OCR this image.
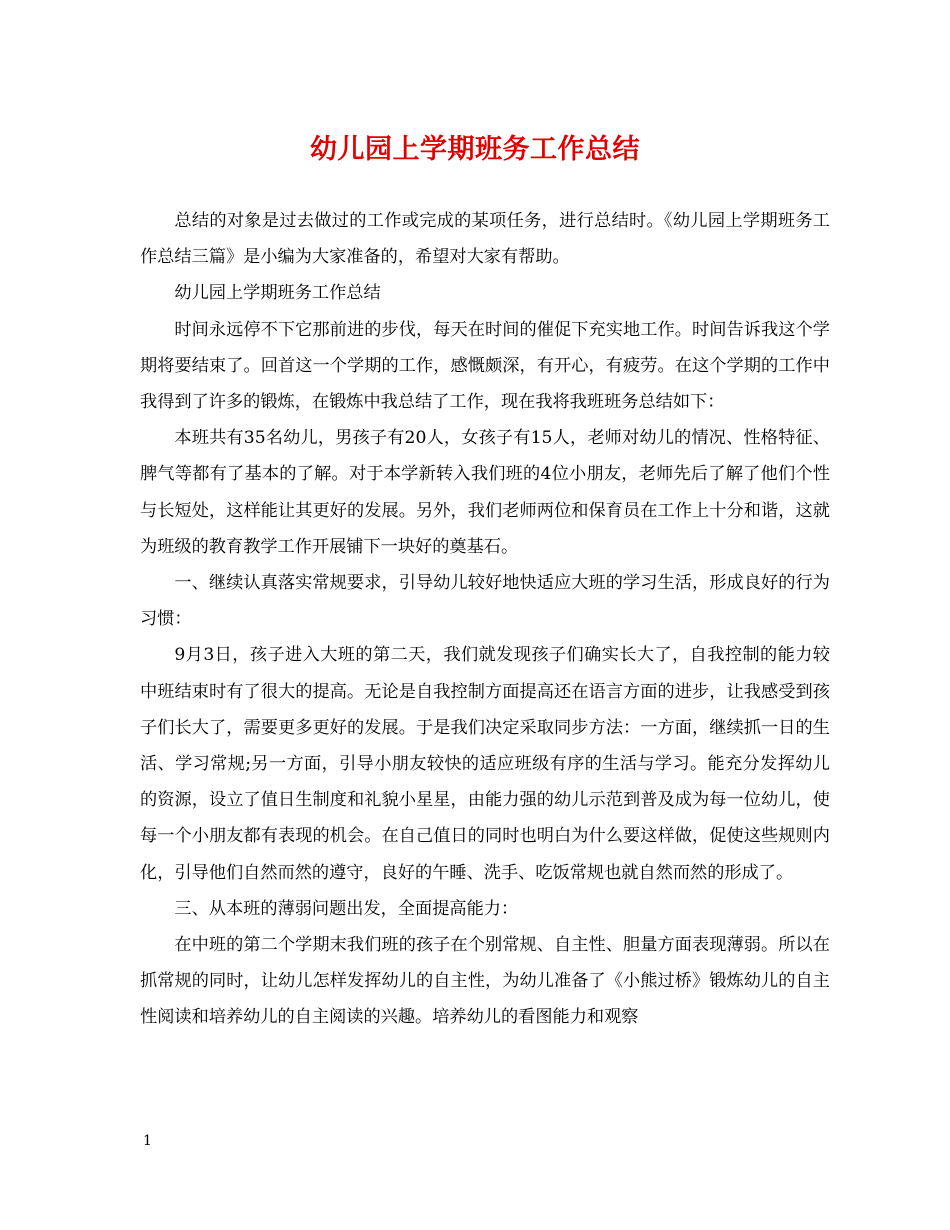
幼儿园上学期班务工作总结

总结的对象是过去做过的工作或完成的某项任务，进行总结时。《幼儿园上学期班务工作总结三篇》是小编为大家准备的，希望对大家有帮助。

幼儿园上学期班务工作总结

时间永远停不下它那前进的步伐，每天在时间的催促下充实地工作。时间告诉我这个学期将要结束了。回首这一个学期的工作，感慨颇深，有开心，有疲劳。在这个学期的工作中我得到了许多的锻炼，在锻炼中我总结了工作，现在我将我班班务总结如下：

本班共有35名幼儿，男孩子有20人，女孩子有15人，老师对幼儿的情况、性格特征、脾气等都有了基本的了解。对于本学新转入我们班的4位小朋友，老师先后了解了他们个性与长短处，这样能让其更好的发展。另外，我们老师两位和保育员在工作上十分和谐，这就为班级的教育教学工作开展铺下一块好的奠基石。

一、继续认真落实常规要求，引导幼儿较好地快适应大班的学习生活，形成良好的行为习惯：

9月3日，孩子进入大班的第二天，我们就发现孩子们确实长大了，自我控制的能力较中班结束时有了很大的提高。无论是自我控制方面提高还在语言方面的进步，让我感受到孩子们长大了，需要更多更好的发展。于是我们决定采取同步方法：一方面，继续抓一日的生活、学习常规;另一方面，引导小朋友较快的适应班级有序的生活与学习。能充分发挥幼儿的资源，设立了值日生制度和礼貌小星星，由能力强的幼儿示范到普及成为每一位幼儿，使每一个小朋友都有表现的机会。在自己值日的同时也明白为什么要这样做，促使这些规则内化，引导他们自然而然的遵守，良好的午睡、洗手、吃饭常规也就自然而然的形成了。

三、从本班的薄弱问题出发，全面提高能力：

在中班的第二个学期末我们班的孩子在个别常规、自主性、胆量方面表现薄弱。所以在抓常规的同时，让幼儿怎样发挥幼儿的自主性，为幼儿准备了《小熊过桥》锻炼幼儿的自主性阅读和培养幼儿的自主阅读的兴趣。培养幼儿的看图能力和观察

1
